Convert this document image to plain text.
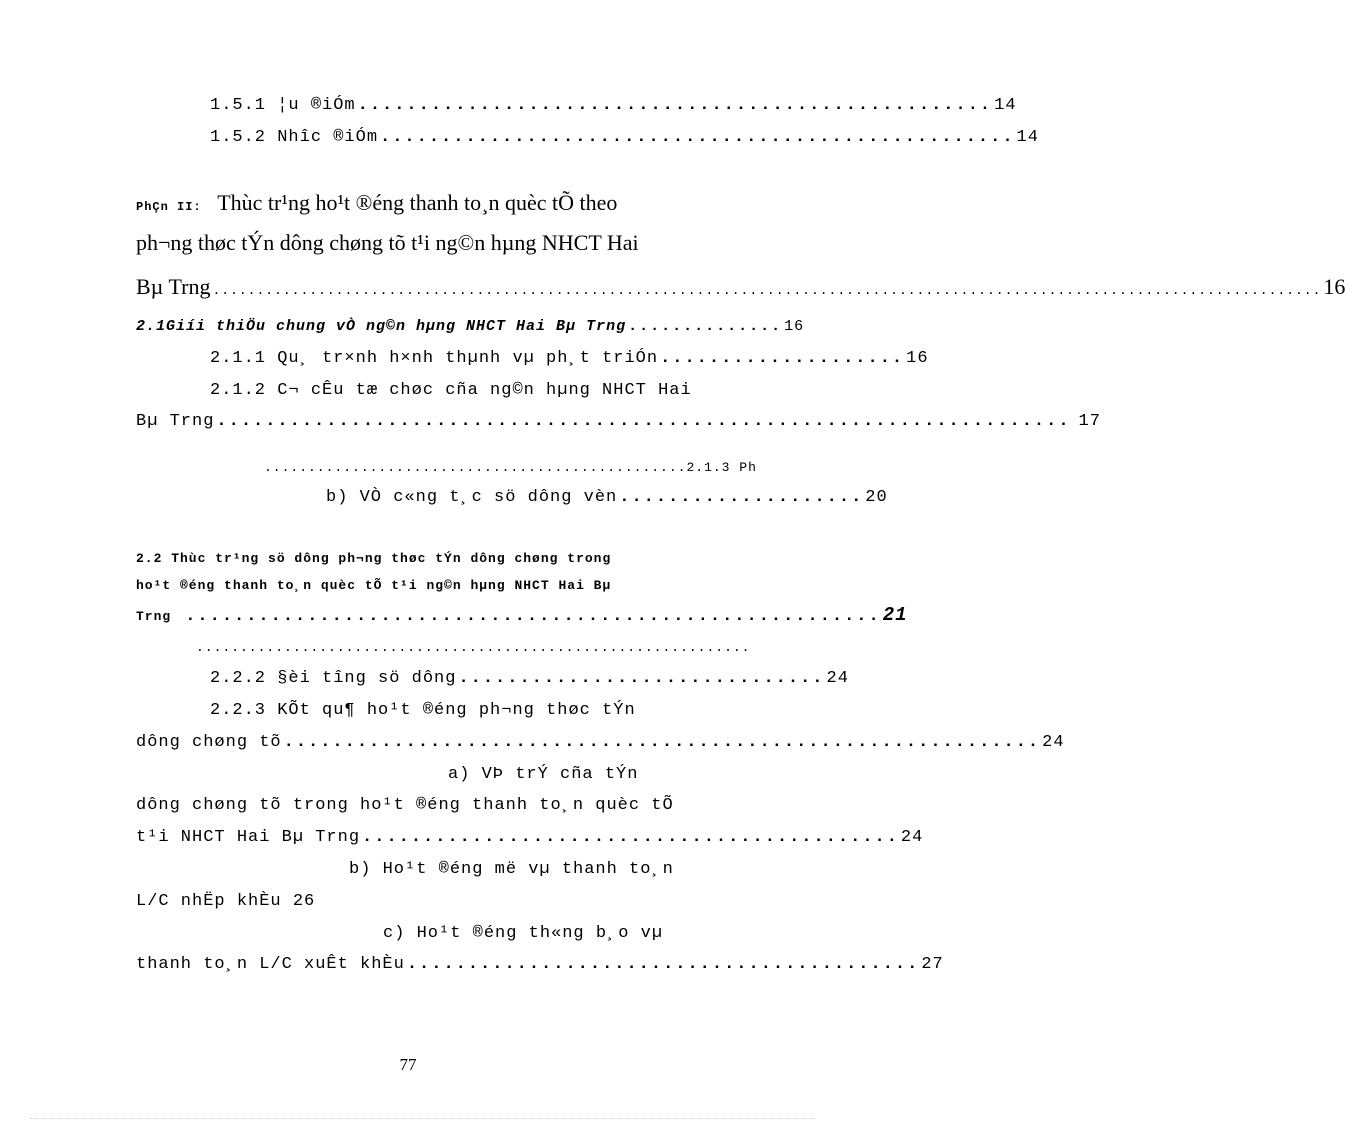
1.5.1 ¦u ®iÓm .................................................... 14
1.5.2 Nhîc ®iÓm .................................................... 14
PhÇn II: Thùc tr¹ng ho¹t ®éng thanh to¸n quèc tÕ theo
ph¬ng thøc tÝn dông chøng tõ t¹i ng©n hµng NHCT Hai
Bµ Trng .............................................................................................................................. 16
2.1Giíi thiÖu chung vÒ ng©n hµng NHCT Hai Bµ Trng .............. 16
2.1.1 Qu¸ tr×nh h×nh thµnh vµ ph¸t triÓn .................... 16
2.1.2 C¬ cÊu tæ chøc cña ng©n hµng NHCT Hai
Bµ Trng ...................................................................... 17
................................................2.1.3 Ph
b) VÒ c«ng t¸c sö dông vèn .................... 20
2.2 Thùc tr¹ng sö dông ph¬ng thøc tÝn dông chøng trong
ho¹t ®éng thanh to¸n quèc tÕ t¹i ng©n hµng NHCT Hai Bµ
Trng ......................................................... 21
...............................................................
2.2.2 §èi tîng sö dông .............................. 24
2.2.3 KÕt qu¶ ho¹t ®éng ph¬ng thøc tÝn
dông chøng tõ .............................................................. 24
a) VÞ trÝ cña tÝn
dông chøng tõ trong ho¹t ®éng thanh to¸n quèc tÕ
t¹i NHCT Hai Bµ Trng ............................................ 24
b) Ho¹t ®éng më vµ thanh to¸n
L/C nhËp khÈu 26
c) Ho¹t ®éng th«ng b¸o vµ
thanh to¸n L/C xuÊt khÈu .......................................... 27
77
